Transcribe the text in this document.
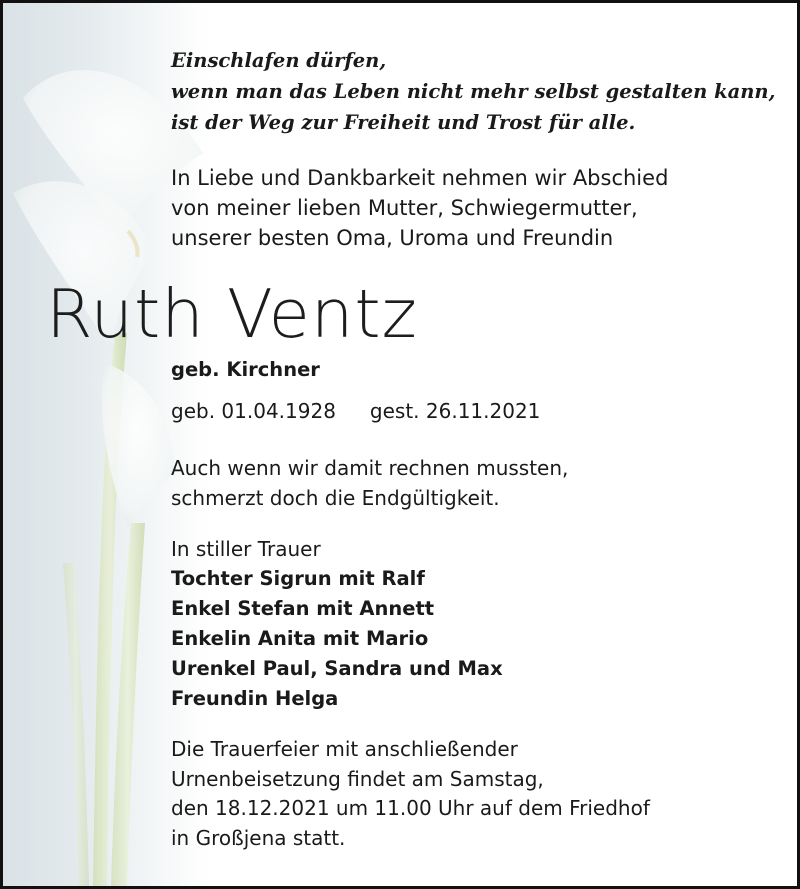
Einschlafen dürfen,
wenn man das Leben nicht mehr selbst gestalten kann,
ist der Weg zur Freiheit und Trost für alle.
In Liebe und Dankbarkeit nehmen wir Abschied
von meiner lieben Mutter, Schwiegermutter,
unserer besten Oma, Uroma und Freundin
Ruth Ventz
geb. Kirchner
geb. 01.04.1928 gest. 26.11.2021
Auch wenn wir damit rechnen mussten,
schmerzt doch die Endgültigkeit.
In stiller Trauer
Tochter Sigrun mit Ralf
Enkel Stefan mit Annett
Enkelin Anita mit Mario
Urenkel Paul, Sandra und Max
Freundin Helga
Die Trauerfeier mit anschließender
Urnenbeisetzung findet am Samstag,
den 18.12.2021 um 11.00 Uhr auf dem Friedhof
in Großjena statt.
